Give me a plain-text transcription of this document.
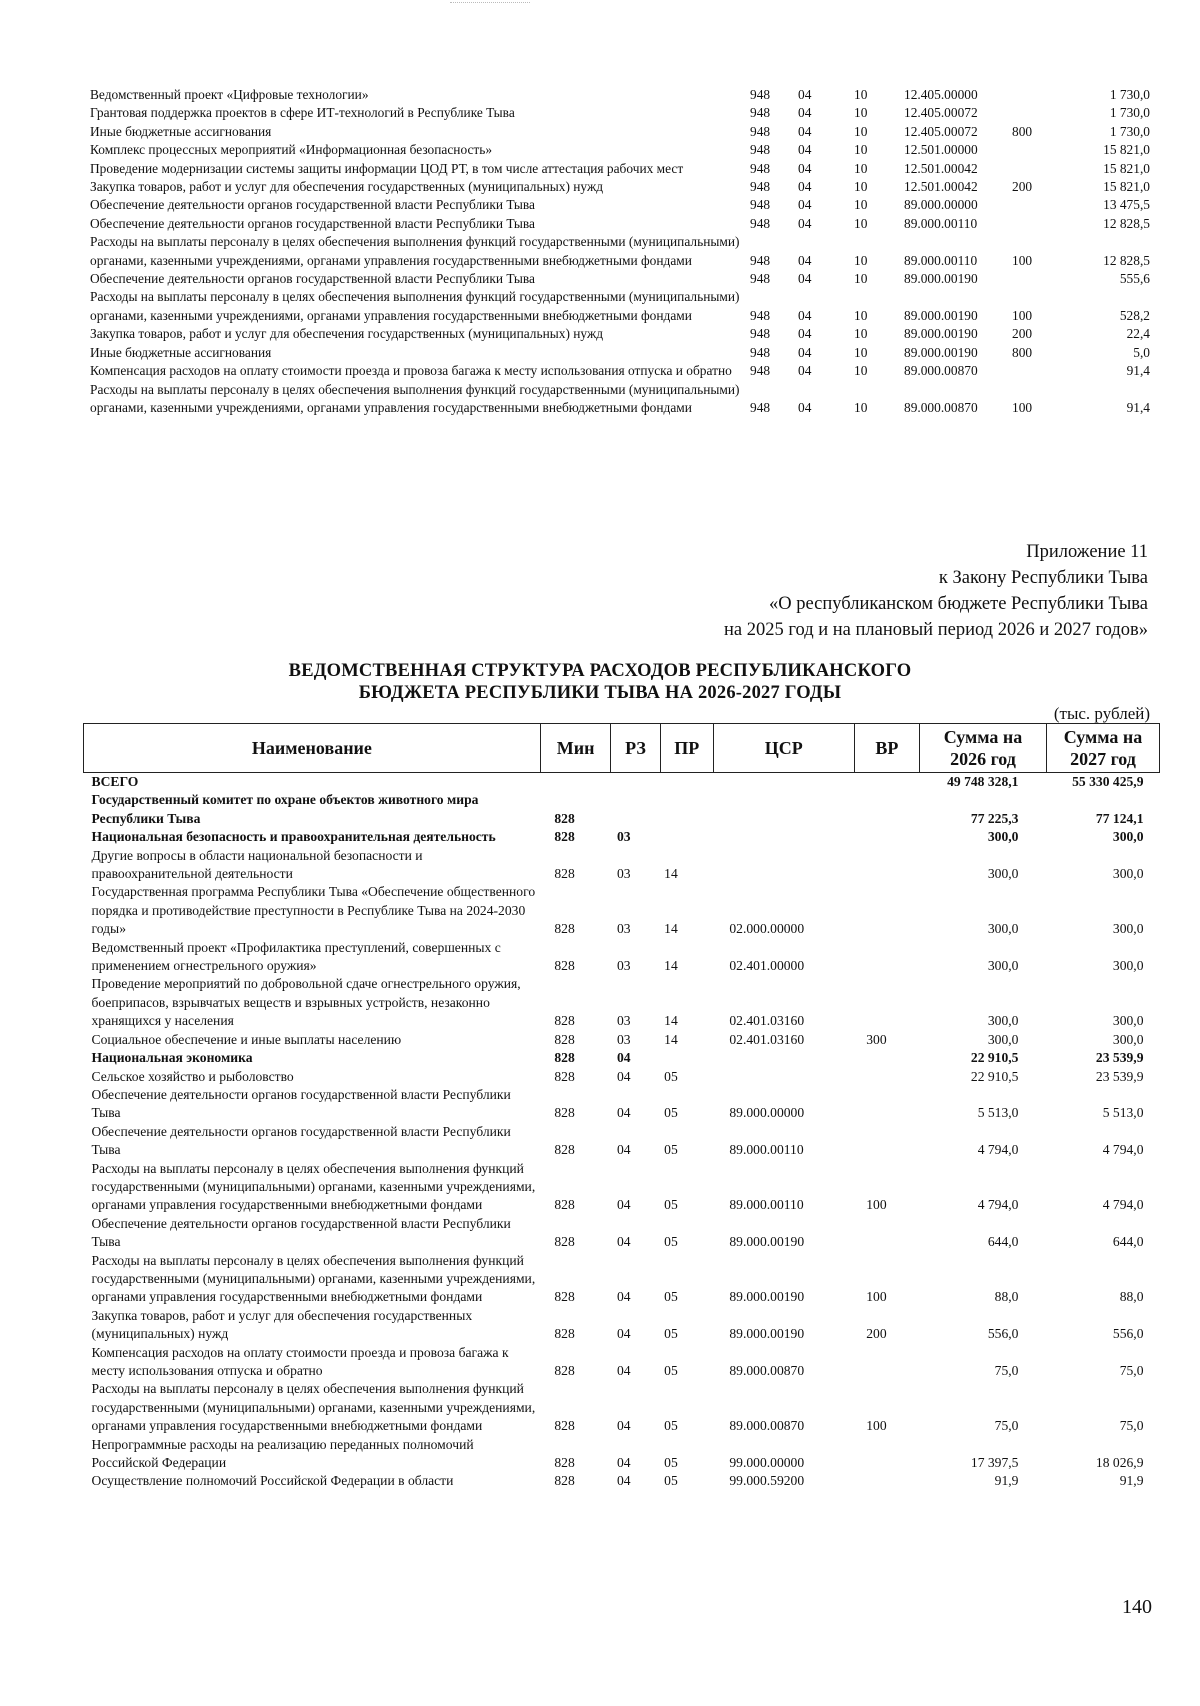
Ведомственный проект «Цифровые технологии»	948	04	10	12.405.00000		1 730,0
Грантовая поддержка проектов в сфере ИТ-технологий в Республике Тыва	948	04	10	12.405.00072		1 730,0
Иные бюджетные ассигнования	948	04	10	12.405.00072	800	1 730,0
Комплекс процессных мероприятий «Информационная безопасность»	948	04	10	12.501.00000		15 821,0
Проведение модернизации системы защиты информации ЦОД РТ, в том числе аттестация рабочих мест	948	04	10	12.501.00042		15 821,0
Закупка товаров, работ и услуг для обеспечения государственных (муниципальных) нужд	948	04	10	12.501.00042	200	15 821,0
Обеспечение деятельности органов государственной власти Республики Тыва	948	04	10	89.000.00000		13 475,5
Обеспечение деятельности органов государственной власти Республики Тыва	948	04	10	89.000.00110		12 828,5
Расходы на выплаты персоналу в целях обеспечения выполнения функций государственными (муниципальными) органами, казенными учреждениями, органами управления государственными внебюджетными фондами	948	04	10	89.000.00110	100	12 828,5
Обеспечение деятельности органов государственной власти Республики Тыва	948	04	10	89.000.00190		555,6
Расходы на выплаты персоналу в целях обеспечения выполнения функций государственными (муниципальными) органами, казенными учреждениями, органами управления государственными внебюджетными фондами	948	04	10	89.000.00190	100	528,2
Закупка товаров, работ и услуг для обеспечения государственных (муниципальных) нужд	948	04	10	89.000.00190	200	22,4
Иные бюджетные ассигнования	948	04	10	89.000.00190	800	5,0
Компенсация расходов на оплату стоимости проезда и провоза багажа к месту использования отпуска и обратно	948	04	10	89.000.00870		91,4
Расходы на выплаты персоналу в целях обеспечения выполнения функций государственными (муниципальными) органами, казенными учреждениями, органами управления государственными внебюджетными фондами	948	04	10	89.000.00870	100	91,4
Приложение 11
к Закону Республики Тыва
«О республиканском бюджете Республики Тыва
на 2025 год и на плановый период 2026 и 2027 годов»
ВЕДОМСТВЕННАЯ СТРУКТУРА РАСХОДОВ РЕСПУБЛИКАНСКОГО
БЮДЖЕТА РЕСПУБЛИКИ ТЫВА НА 2026-2027 ГОДЫ
(тыс. рублей)
Наименование	Мин	РЗ	ПР	ЦСР	ВР	Сумма на 2026 год	Сумма на 2027 год
ВСЕГО						49 748 328,1	55 330 425,9
Государственный комитет по охране объектов животного мира Республики Тыва	828					77 225,3	77 124,1
Национальная безопасность и правоохранительная деятельность	828	03				300,0	300,0
Другие вопросы в области национальной безопасности и правоохранительной деятельности	828	03	14			300,0	300,0
Государственная программа Республики Тыва «Обеспечение общественного порядка и противодействие преступности в Республике Тыва на 2024-2030 годы»	828	03	14	02.000.00000		300,0	300,0
Ведомственный проект «Профилактика преступлений, совершенных с применением огнестрельного оружия»	828	03	14	02.401.00000		300,0	300,0
Проведение мероприятий по добровольной сдаче огнестрельного оружия, боеприпасов, взрывчатых веществ и взрывных устройств, незаконно хранящихся у населения	828	03	14	02.401.03160		300,0	300,0
Социальное обеспечение и иные выплаты населению	828	03	14	02.401.03160	300	300,0	300,0
Национальная экономика	828	04				22 910,5	23 539,9
Сельское хозяйство и рыболовство	828	04	05			22 910,5	23 539,9
Обеспечение деятельности органов государственной власти Республики Тыва	828	04	05	89.000.00000		5 513,0	5 513,0
Обеспечение деятельности органов государственной власти Республики Тыва	828	04	05	89.000.00110		4 794,0	4 794,0
Расходы на выплаты персоналу в целях обеспечения выполнения функций государственными (муниципальными) органами, казенными учреждениями, органами управления государственными внебюджетными фондами	828	04	05	89.000.00110	100	4 794,0	4 794,0
Обеспечение деятельности органов государственной власти Республики Тыва	828	04	05	89.000.00190		644,0	644,0
Расходы на выплаты персоналу в целях обеспечения выполнения функций государственными (муниципальными) органами, казенными учреждениями, органами управления государственными внебюджетными фондами	828	04	05	89.000.00190	100	88,0	88,0
Закупка товаров, работ и услуг для обеспечения государственных (муниципальных) нужд	828	04	05	89.000.00190	200	556,0	556,0
Компенсация расходов на оплату стоимости проезда и провоза багажа к месту использования отпуска и обратно	828	04	05	89.000.00870		75,0	75,0
Расходы на выплаты персоналу в целях обеспечения выполнения функций государственными (муниципальными) органами, казенными учреждениями, органами управления государственными внебюджетными фондами	828	04	05	89.000.00870	100	75,0	75,0
Непрограммные расходы на реализацию переданных полномочий Российской Федерации	828	04	05	99.000.00000		17 397,5	18 026,9
Осуществление полномочий Российской Федерации в области	828	04	05	99.000.59200		91,9	91,9
140
